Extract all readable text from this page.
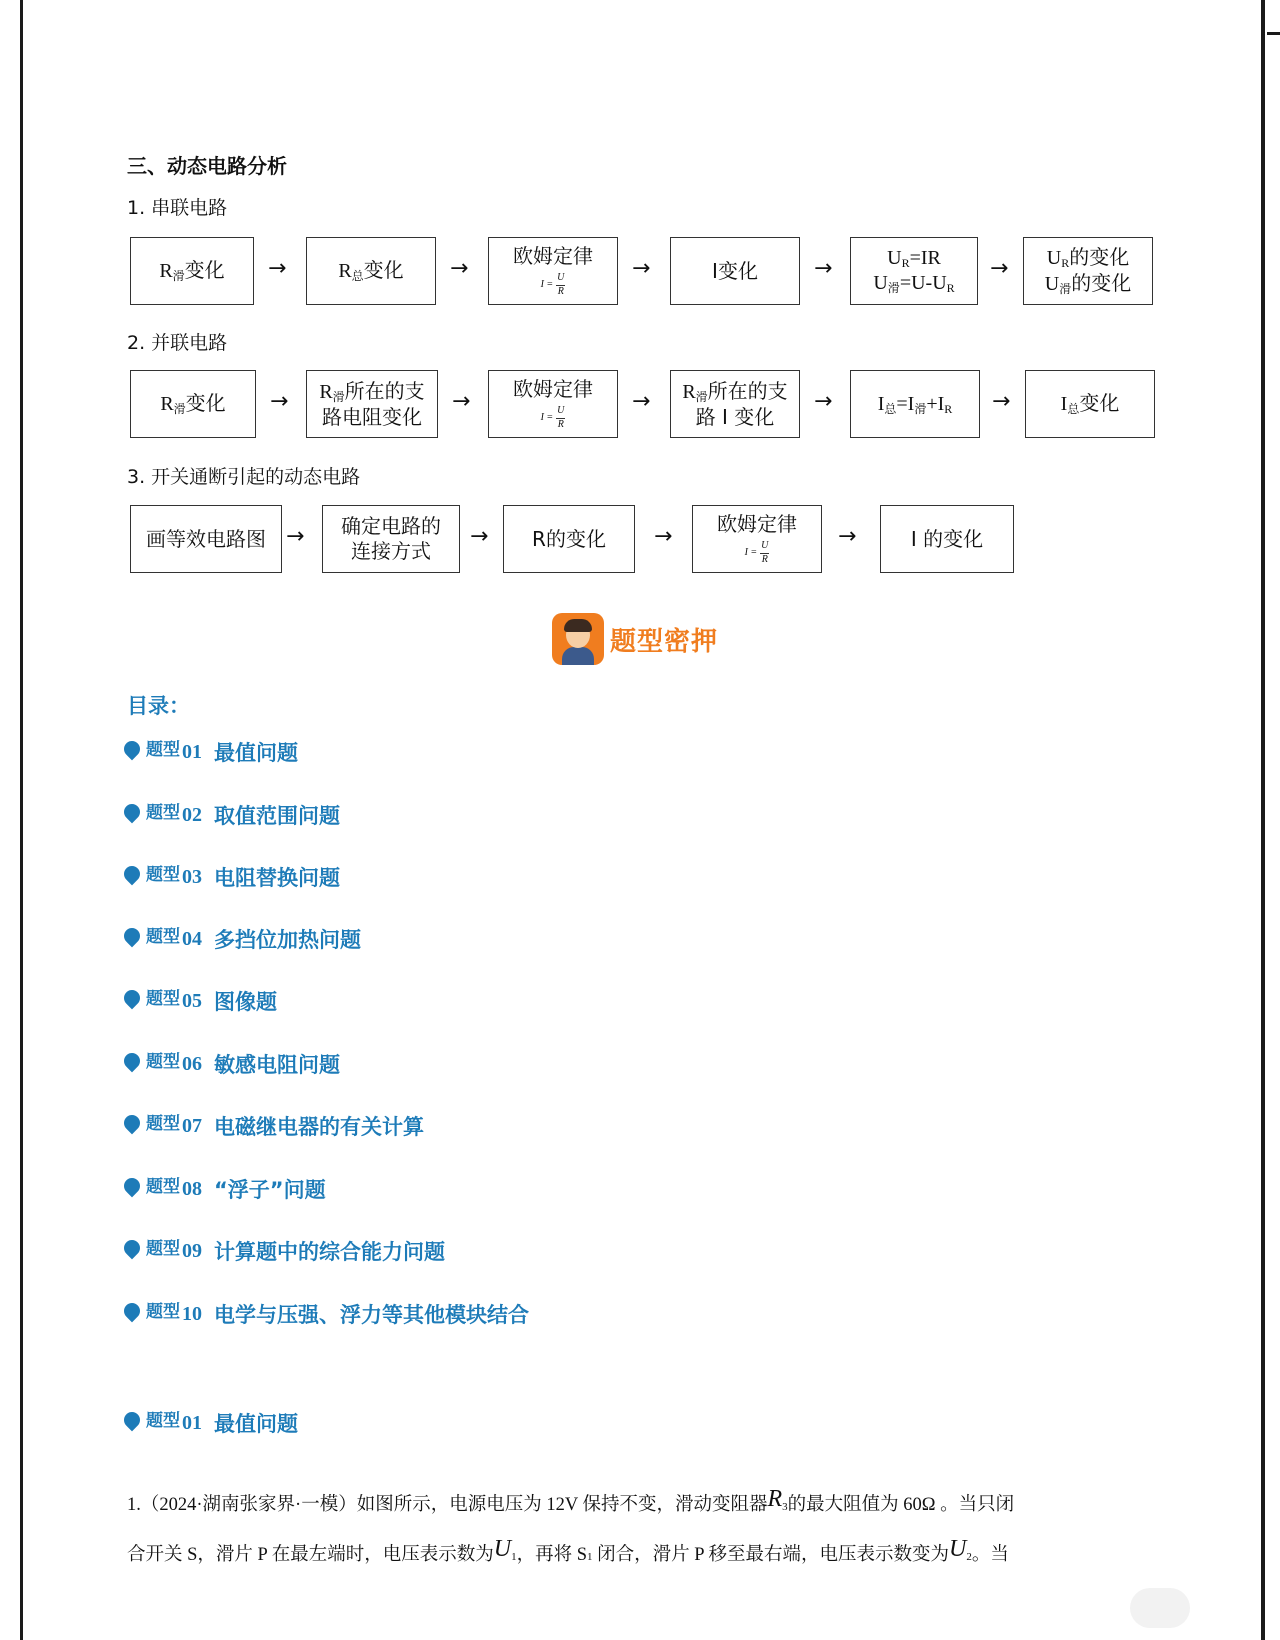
三、动态电路分析
1. 串联电路
$R_滑$变化 →	$R_总$变化 → 欧姆定律
$I = \frac{U}{R}$
→	I变化	→	$U_R=IR$
$U_滑=U-U_R$
→ $U_R$的变化
$U_滑$的变化
2. 并联电路
$R_滑$变化 → $R_滑$所在的支
路电阻变化
→ 欧姆定律
$I = \frac{U}{R}$
→ $R_滑$所在的支
路 I 变化
→ $I_总=I_滑+I_R$ →	$I_总$变化
3. 开关通断引起的动态电路
画等效电路图 → 确定电路的
连接方式
→ R的变化 → 欧姆定律
$I = \frac{U}{R}$
→	I 的变化
题型密押
目录：
题型 01 最值问题
题型 02 取值范围问题
题型 03 电阻替换问题
题型 04 多挡位加热问题
题型 05 图像题
题型 06 敏感电阻问题
题型 07 电磁继电器的有关计算
题型 08 “浮子”问题
题型 09 计算题中的综合能力问题
题型 10 电学与压强、浮力等其他模块结合
题型 01 最值问题
1.（2024·湖南张家界·一模）如图所示，电源电压为 12V 保持不变，滑动变阻器R3的最大阻值为 60Ω 。当只闭
合开关 S，滑片 P 在最左端时，电压表示数为U1，再将 S1 闭合，滑片 P 移至最右端，电压表示数变为U2。当
